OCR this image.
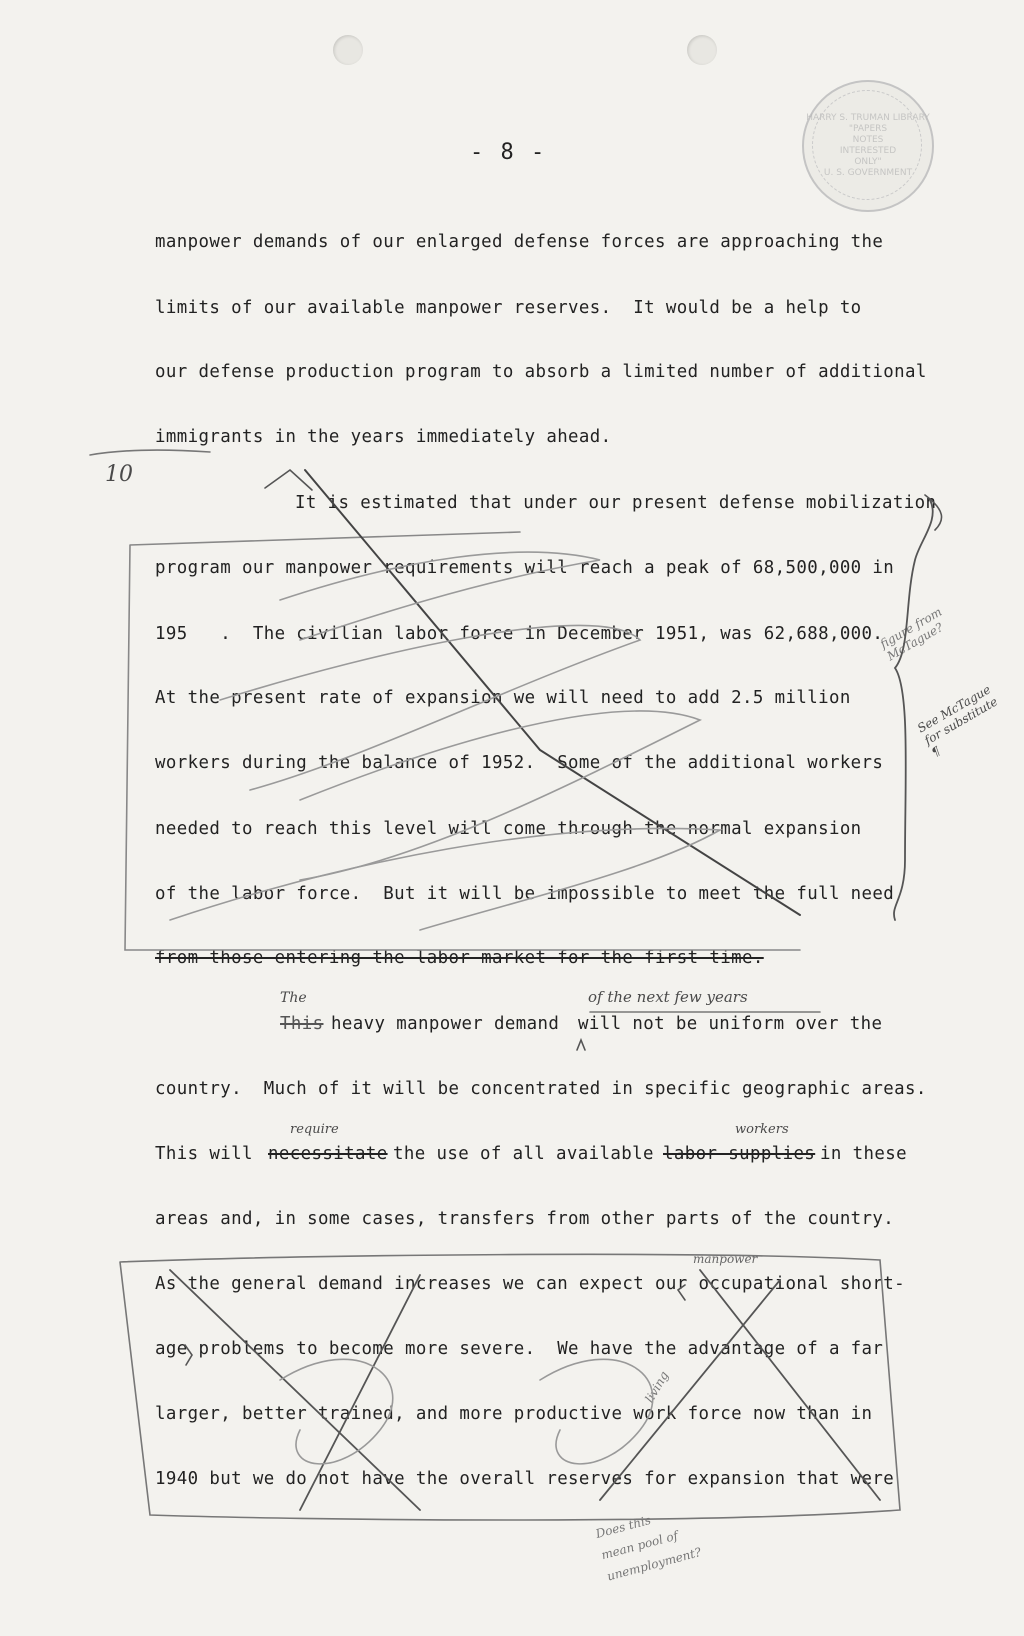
HARRY S. TRUMAN LIBRARY
"PAPERS
NOTES
INTERESTED
ONLY"
U. S. GOVERNMENT
- 8 -
manpower demands of our enlarged defense forces are approaching the
limits of our available manpower reserves.  It would be a help to
our defense production program to absorb a limited number of additional
immigrants in the years immediately ahead.
It is estimated that under our present defense mobilization
program our manpower requirements will reach a peak of 68,500,000 in
195   .  The civilian labor force in December 1951, was 62,688,000.
At the present rate of expansion we will need to add 2.5 million
workers during the balance of 1952.  Some of the additional workers
needed to reach this level will come through the normal expansion
of the labor force.  But it will be impossible to meet the full need
from those entering the labor market for the first time.
This heavy manpower demand will not be uniform over the
country.  Much of it will be concentrated in specific geographic areas.
This will necessitate the use of all available labor supplies in these
areas and, in some cases, transfers from other parts of the country.
As the general demand increases we can expect our occupational short-
age problems to become more severe.  We have the advantage of a far
larger, better trained, and more productive work force now than in
1940 but we do not have the overall reserves for expansion that were
10
The	of the next few years
require	workers
manpower
living
figure from
McTague?
See McTague
for substitute
¶
Does this
mean pool of
unemployment?
